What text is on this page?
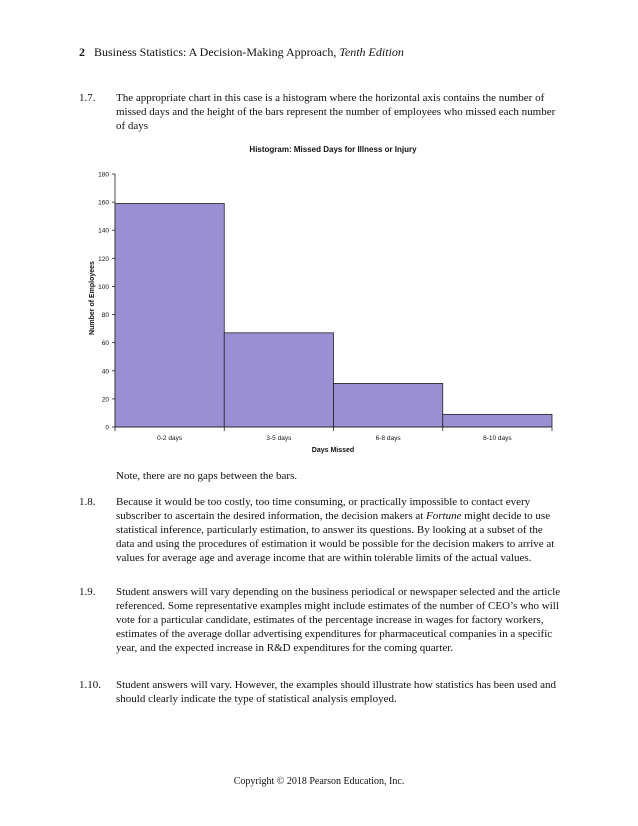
2 Business Statistics: A Decision-Making Approach, Tenth Edition
1.7. The appropriate chart in this case is a histogram where the horizontal axis contains the number of missed days and the height of the bars represent the number of employees who missed each number of days
Histogram: Missed Days for Illness or Injury
0
20
40
60
80
100
120
140
160
180
0-2 days	3-5 days	6-8 days	8-10 days
Days Missed
Number of Employees
Note, there are no gaps between the bars.
1.8. Because it would be too costly, too time consuming, or practically impossible to contact every subscriber to ascertain the desired information, the decision makers at Fortune might decide to use statistical inference, particularly estimation, to answer its questions. By looking at a subset of the data and using the procedures of estimation it would be possible for the decision makers to arrive at values for average age and average income that are within tolerable limits of the actual values.
1.9. Student answers will vary depending on the business periodical or newspaper selected and the article referenced. Some representative examples might include estimates of the number of CEO’s who will vote for a particular candidate, estimates of the percentage increase in wages for factory workers, estimates of the average dollar advertising expenditures for pharmaceutical companies in a specific year, and the expected increase in R&D expenditures for the coming quarter.
1.10. Student answers will vary. However, the examples should illustrate how statistics has been used and should clearly indicate the type of statistical analysis employed.
Copyright © 2018 Pearson Education, Inc.
